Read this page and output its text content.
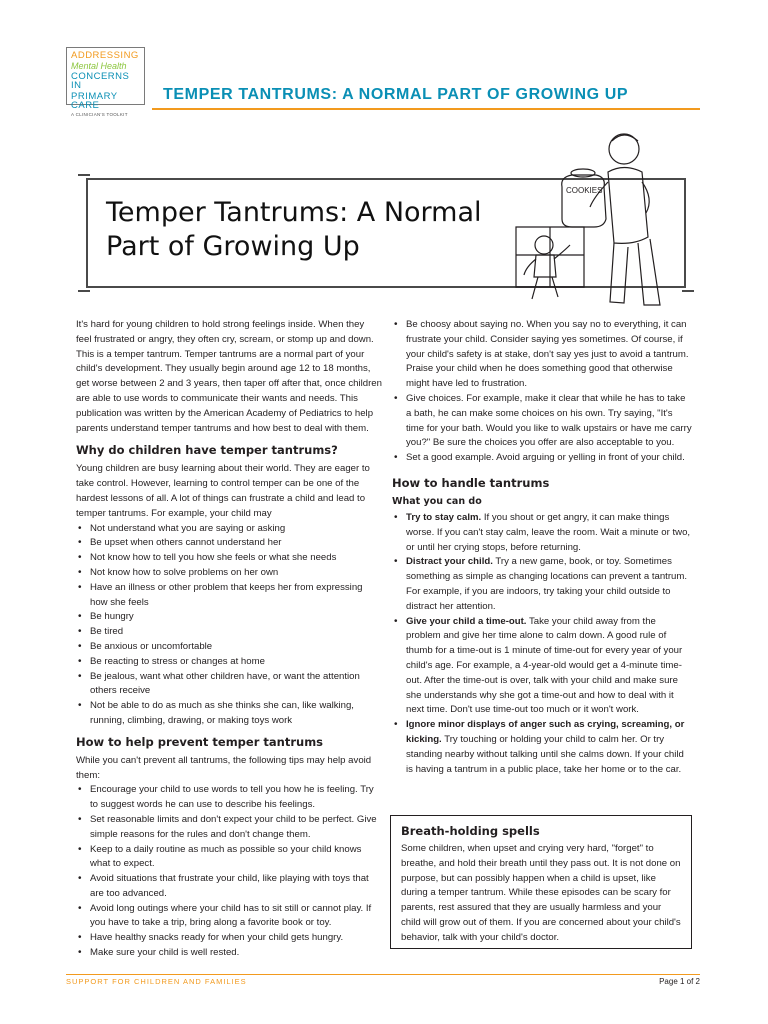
ADDRESSING
Mental Health
CONCERNS IN
PRIMARY CARE
A CLINICIAN'S TOOLKIT
TEMPER TANTRUMS: A NORMAL PART OF GROWING UP
Temper Tantrums: A Normal
Part of Growing Up
COOKIES

It's hard for young children to hold strong feelings inside. When they feel frustrated or angry, they often cry, scream, or stomp up and down. This is a temper tantrum. Temper tantrums are a normal part of your child's development. They usually begin around age 12 to 18 months, get worse between 2 and 3 years, then taper off after that, once children are able to use words to communicate their wants and needs. This publication was written by the American Academy of Pediatrics to help parents understand temper tantrums and how best to deal with them.

Why do children have temper tantrums?

Young children are busy learning about their world. They are eager to take control. However, learning to control temper can be one of the hardest lessons of all. A lot of things can frustrate a child and lead to temper tantrums. For example, your child may

• Not understand what you are saying or asking
• Be upset when others cannot understand her
• Not know how to tell you how she feels or what she needs
• Not know how to solve problems on her own
• Have an illness or other problem that keeps her from expressing how she feels
• Be hungry
• Be tired
• Be anxious or uncomfortable
• Be reacting to stress or changes at home
• Be jealous, want what other children have, or want the attention others receive
• Not be able to do as much as she thinks she can, like walking, running, climbing, drawing, or making toys work
How to help prevent temper tantrums

While you can't prevent all tantrums, the following tips may help avoid them:

• Encourage your child to use words to tell you how he is feeling. Try to suggest words he can use to describe his feelings.
• Set reasonable limits and don't expect your child to be perfect. Give simple reasons for the rules and don't change them.
• Keep to a daily routine as much as possible so your child knows what to expect.
• Avoid situations that frustrate your child, like playing with toys that are too advanced.
• Avoid long outings where your child has to sit still or cannot play. If you have to take a trip, bring along a favorite book or toy.
• Have healthy snacks ready for when your child gets hungry.
• Make sure your child is well rested.
• Be choosy about saying no. When you say no to everything, it can frustrate your child. Consider saying yes sometimes. Of course, if your child's safety is at stake, don't say yes just to avoid a tantrum. Praise your child when he does something good that otherwise might have led to frustration.
• Give choices. For example, make it clear that while he has to take a bath, he can make some choices on his own. Try saying, "It's time for your bath. Would you like to walk upstairs or have me carry you?" Be sure the choices you offer are also acceptable to you.
• Set a good example. Avoid arguing or yelling in front of your child.
How to handle tantrums
What you can do
• Try to stay calm. If you shout or get angry, it can make things worse. If you can't stay calm, leave the room. Wait a minute or two, or until her crying stops, before returning.
• Distract your child. Try a new game, book, or toy. Sometimes something as simple as changing locations can prevent a tantrum. For example, if you are indoors, try taking your child outside to distract her attention.
• Give your child a time-out. Take your child away from the problem and give her time alone to calm down. A good rule of thumb for a time-out is 1 minute of time-out for every year of your child's age. For example, a 4-year-old would get a 4-minute time-out. After the time-out is over, talk with your child and make sure she understands why she got a time-out and how to deal with it next time. Don't use time-out too much or it won't work.
• Ignore minor displays of anger such as crying, screaming, or kicking. Try touching or holding your child to calm her. Or try standing nearby without talking until she calms down. If your child is having a tantrum in a public place, take her home or to the car.
Breath-holding spells

Some children, when upset and crying very hard, "forget" to breathe, and hold their breath until they pass out. It is not done on purpose, but can possibly happen when a child is upset, like during a temper tantrum. While these episodes can be scary for parents, rest assured that they are usually harmless and your child will grow out of them. If you are concerned about your child's behavior, talk with your child's doctor.

SUPPORT FOR CHILDREN AND FAMILIES	Page 1 of 2
